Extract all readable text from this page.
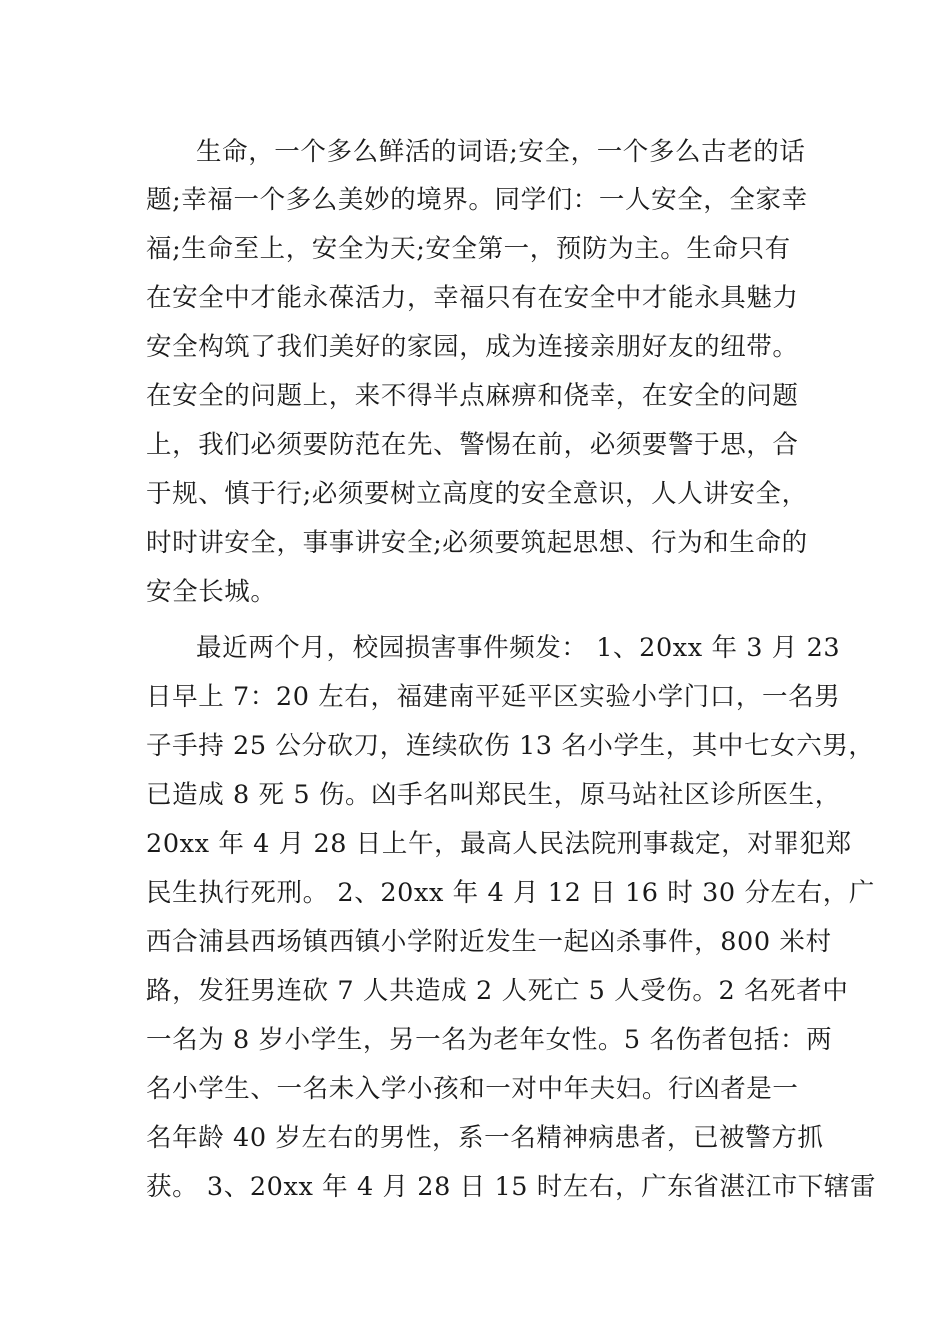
生命，一个多么鲜活的词语;安全，一个多么古老的话
题;幸福一个多么美妙的境界。同学们：一人安全，全家幸
福;生命至上，安全为天;安全第一，预防为主。生命只有
在安全中才能永葆活力，幸福只有在安全中才能永具魅力
安全构筑了我们美好的家园，成为连接亲朋好友的纽带。
在安全的问题上，来不得半点麻痹和侥幸，在安全的问题
上，我们必须要防范在先、警惕在前，必须要警于思，合
于规、慎于行;必须要树立高度的安全意识，人人讲安全，
时时讲安全，事事讲安全;必须要筑起思想、行为和生命的
安全长城。
最近两个月，校园损害事件频发： 1、20xx 年 3 月 23
日早上 7：20 左右，福建南平延平区实验小学门口，一名男
子手持 25 公分砍刀，连续砍伤 13 名小学生，其中七女六男，
已造成 8 死 5 伤。凶手名叫郑民生，原马站社区诊所医生，
20xx 年 4 月 28 日上午，最高人民法院刑事裁定，对罪犯郑
民生执行死刑。 2、20xx 年 4 月 12 日 16 时 30 分左右，广
西合浦县西场镇西镇小学附近发生一起凶杀事件，800 米村
路，发狂男连砍 7 人共造成 2 人死亡 5 人受伤。2 名死者中
一名为 8 岁小学生，另一名为老年女性。5 名伤者包括：两
名小学生、一名未入学小孩和一对中年夫妇。行凶者是一
名年龄 40 岁左右的男性，系一名精神病患者，已被警方抓
获。 3、20xx 年 4 月 28 日 15 时左右，广东省湛江市下辖雷
